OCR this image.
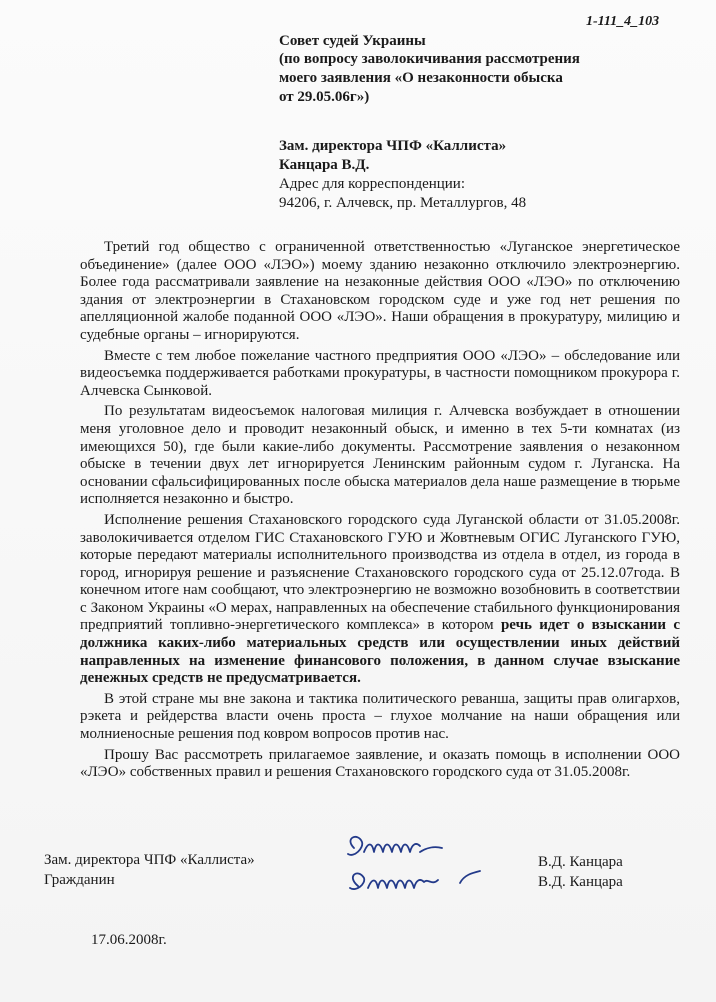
1-111_4_103

Совет судей Украины

(по вопросу заволокичивания рассмотрения

моего заявления «О незаконности обыска

от 29.05.06г»)

Зам. директора ЧПФ «Каллиста»

Канцара В.Д.

Адрес для корреспонденции:

94206, г. Алчевск, пр. Металлургов, 48

Третий год общество с ограниченной ответственностью «Луганское энергетическое объединение» (далее ООО «ЛЭО») моему зданию незаконно отключило электроэнергию. Более года рассматривали заявление на незаконные действия ООО «ЛЭО» по отключению здания от электроэнергии в Стахановском городском суде и уже год нет решения по апелляционной жалобе поданной ООО «ЛЭО». Наши обращения в прокуратуру, милицию и судебные органы – игнорируются.

Вместе с тем любое пожелание частного предприятия ООО «ЛЭО» – обследование или видеосъемка поддерживается работками прокуратуры, в частности помощником прокурора г. Алчевска Сынковой.

По результатам видеосъемок налоговая милиция г. Алчевска возбуждает в отношении меня уголовное дело и проводит незаконный обыск, и именно в тех 5-ти комнатах (из имеющихся 50), где были какие-либо документы. Рассмотрение заявления о незаконном обыске в течении двух лет игнорируется Ленинским районным судом г. Луганска. На основании сфальсифицированных после обыска материалов дела наше размещение в тюрьме исполняется незаконно и быстро.

Исполнение решения Стахановского городского суда Луганской области от 31.05.2008г. заволокичивается отделом ГИС Стахановского ГУЮ и Жовтневым ОГИС Луганского ГУЮ, которые передают материалы исполнительного производства из отдела в отдел, из города в город, игнорируя решение и разъяснение Стахановского городского суда от 25.12.07года. В конечном итоге нам сообщают, что электроэнергию не возможно возобновить в соответствии с Законом Украины «О мерах, направленных на обеспечение стабильного функционирования предприятий топливно-энергетического комплекса» в котором речь идет о взыскании с должника каких-либо материальных средств или осуществлении иных действий направленных на изменение финансового положения, в данном случае взыскание денежных средств не предусматривается.

В этой стране мы вне закона и тактика политического реванша, защиты прав олигархов, рэкета и рейдерства власти очень проста – глухое молчание на наши обращения или молниеносные решения под ковром вопросов против нас.

Прошу Вас рассмотреть прилагаемое заявление, и оказать помощь в исполнении ООО «ЛЭО» собственных правил и решения Стахановского городского суда от 31.05.2008г.

Зам. директора ЧПФ «Каллиста»

Гражданин

В.Д. Канцара

В.Д. Канцара

17.06.2008г.
